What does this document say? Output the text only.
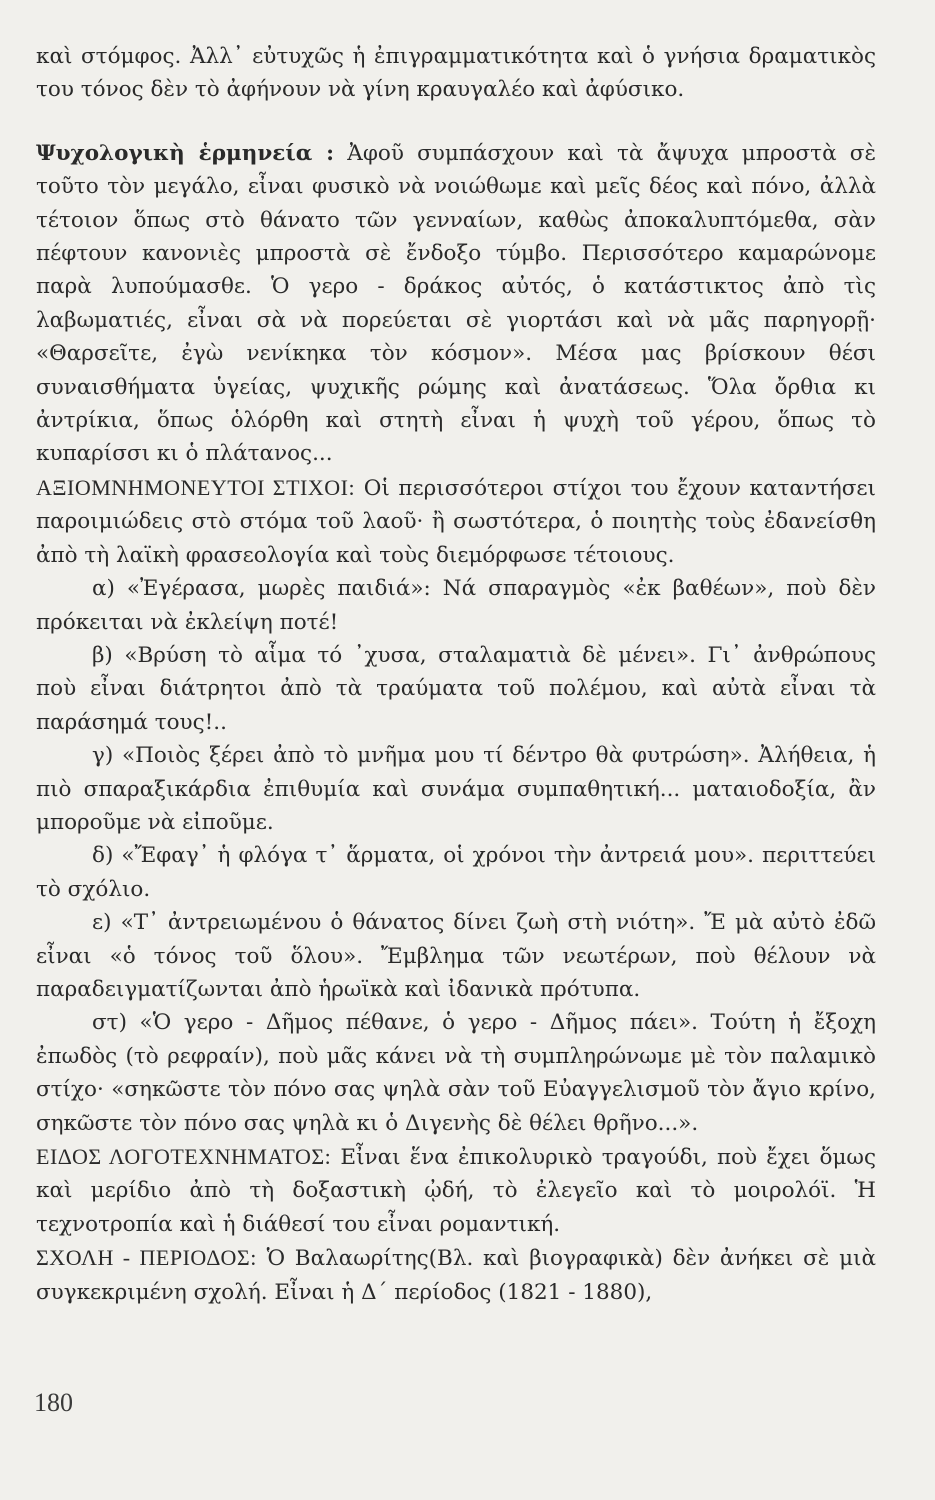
καὶ στόμφος. Ἀλλ᾽ εὐτυχῶς ἡ ἐπιγραμματικότητα καὶ ὁ γνήσια δραματικὸς του τόνος δὲν τὸ ἀφήνουν νὰ γίνη κραυγαλέο καὶ ἀφύσικο.

Ψυχολογικὴ ἑρμηνεία : Ἀφοῦ συμπάσχουν καὶ τὰ ἄψυχα μπροστὰ σὲ τοῦτο τὸν μεγάλο, εἶναι φυσικὸ νὰ νοιώθωμε καὶ μεῖς δέος καὶ πόνο, ἀλλὰ τέτοιον ὅπως στὸ θάνατο τῶν γενναίων, καθὼς ἀποκαλυπτόμεθα, σὰν πέφτουν κανονιὲς μπροστὰ σὲ ἔνδοξο τύμβο. Περισσότερο καμαρώνομε παρὰ λυπούμασθε. Ὁ γερο - δράκος αὐτός, ὁ κατάστικτος ἀπὸ τὶς λαβωματιές, εἶναι σὰ νὰ πορεύεται σὲ γιορτάσι καὶ νὰ μᾶς παρηγορῇ· «Θαρσεῖτε, ἐγὼ νενίκηκα τὸν κόσμον». Μέσα μας βρίσκουν θέσι συναισθήματα ὑγείας, ψυχικῆς ρώμης καὶ ἀνατάσεως. Ὅλα ὄρθια κι ἀντρίκια, ὅπως ὁλόρθη καὶ στητὴ εἶναι ἡ ψυχὴ τοῦ γέρου, ὅπως τὸ κυπαρίσσι κι ὁ πλάτανος...

ΑΞΙΟΜΝΗΜΟΝΕΥΤΟΙ ΣΤΙΧΟΙ: Οἱ περισσότεροι στίχοι του ἔχουν καταντήσει παροιμιώδεις στὸ στόμα τοῦ λαοῦ· ἢ σωστότερα, ὁ ποιητὴς τοὺς ἐδανείσθη ἀπὸ τὴ λαϊκὴ φρασεολογία καὶ τοὺς διεμόρφωσε τέτοιους.

α) «Ἐγέρασα, μωρὲς παιδιά»: Νά σπαραγμὸς «ἐκ βαθέων», ποὺ δὲν πρόκειται νὰ ἐκλείψη ποτέ!

β) «Βρύση τὸ αἷμα τό ᾽χυσα, σταλαματιὰ δὲ μένει». Γι᾽ ἀνθρώπους ποὺ εἶναι διάτρητοι ἀπὸ τὰ τραύματα τοῦ πολέμου, καὶ αὐτὰ εἶναι τὰ παράσημά τους!..

γ) «Ποιὸς ξέρει ἀπὸ τὸ μνῆμα μου τί δέντρο θὰ φυτρώση». Ἀλήθεια, ἡ πιὸ σπαραξικάρδια ἐπιθυμία καὶ συνάμα συμπαθητική... ματαιοδοξία, ἂν μποροῦμε νὰ εἰποῦμε.

δ) «Ἔφαγ᾽ ἡ φλόγα τ᾽ ἅρματα, οἱ χρόνοι τὴν ἀντρειά μου». περιττεύει τὸ σχόλιο.

ε) «Τ᾽ ἀντρειωμένου ὁ θάνατος δίνει ζωὴ στὴ νιότη». Ἔ μὰ αὐτὸ ἐδῶ εἶναι «ὁ τόνος τοῦ ὅλου». Ἔμβλημα τῶν νεωτέρων, ποὺ θέλουν νὰ παραδειγματίζωνται ἀπὸ ἡρωϊκὰ καὶ ἰδανικὰ πρότυπα.

στ) «Ὁ γερο - Δῆμος πέθανε, ὁ γερο - Δῆμος πάει». Τούτη ἡ ἔξοχη ἐπωδὸς (τὸ ρεφραίν), ποὺ μᾶς κάνει νὰ τὴ συμπληρώνωμε μὲ τὸν παλαμικὸ στίχο· «σηκῶστε τὸν πόνο σας ψηλὰ σὰν τοῦ Εὐαγγελισμοῦ τὸν ἄγιο κρίνο, σηκῶστε τὸν πόνο σας ψηλὰ κι ὁ Διγενὴς δὲ θέλει θρῆνο...».

ΕΙΔΟΣ ΛΟΓΟΤΕΧΝΗΜΑΤΟΣ: Εἶναι ἕνα ἐπικολυρικὸ τραγούδι, ποὺ ἔχει ὅμως καὶ μερίδιο ἀπὸ τὴ δοξαστικὴ ᾠδή, τὸ ἐλεγεῖο καὶ τὸ μοιρολόϊ. Ἡ τεχνοτροπία καὶ ἡ διάθεσί του εἶναι ρομαντική.

ΣΧΟΛΗ - ΠΕΡΙΟΔΟΣ: Ὁ Βαλαωρίτης(Βλ. καὶ βιογραφικὰ) δὲν ἀνήκει σὲ μιὰ συγκεκριμένη σχολή. Εἶναι ἡ Δ´ περίοδος (1821 - 1880),

180
